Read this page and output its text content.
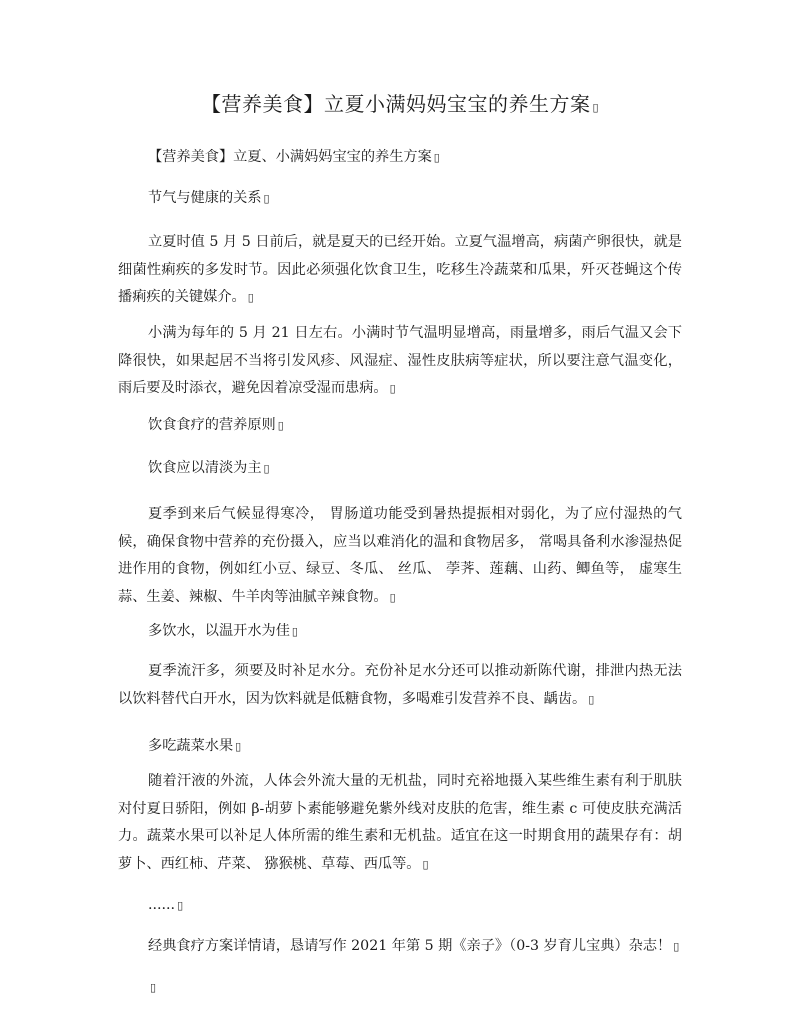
【营养美食】立夏小满妈妈宝宝的养生方案 ▯
【营养美食】立夏、小满妈妈宝宝的养生方案 ▯
节气与健康的关系 ▯
立夏时值 5 月 5 日前后，就是夏天的已经开始。立夏气温增高，病菌产卵很快，就是细菌性痢疾的多发时节。因此必须强化饮食卫生，吃移生冷蔬菜和瓜果，歼灭苍蝇这个传播痢疾的关键媒介。 ▯
小满为每年的 5 月 21 日左右。小满时节气温明显增高，雨量增多，雨后气温又会下降很快，如果起居不当将引发风疹、风湿症、湿性皮肤病等症状，所以要注意气温变化，雨后要及时添衣，避免因着凉受湿而患病。 ▯
饮食食疗的营养原则 ▯
饮食应以清淡为主 ▯
夏季到来后气候显得寒冷， 胃肠道功能受到暑热提振相对弱化，为了应付湿热的气候，确保食物中营养的充份摄入，应当以难消化的温和食物居多， 常喝具备利水渗湿热促进作用的食物，例如红小豆、绿豆、冬瓜、 丝瓜、 荸荠、莲藕、山药、鲫鱼等， 虚寒生蒜、生姜、辣椒、牛羊肉等油腻辛辣食物。 ▯
多饮水，以温开水为佳 ▯
夏季流汗多，须要及时补足水分。充份补足水分还可以推动新陈代谢，排泄内热无法以饮料替代白开水，因为饮料就是低糖食物，多喝难引发营养不良、龋齿。 ▯
多吃蔬菜水果 ▯
随着汗液的外流，人体会外流大量的无机盐，同时充裕地摄入某些维生素有利于肌肤对付夏日骄阳，例如 β-胡萝卜素能够避免紫外线对皮肤的危害，维生素 c 可使皮肤充满活力。蔬菜水果可以补足人体所需的维生素和无机盐。适宜在这一时期食用的蔬果存有：胡萝卜、西红柿、芹菜、 猕猴桃、草莓、西瓜等。 ▯
...... ▯
经典食疗方案详情请，恳请写作 2021 年第 5 期《亲子》（0-3 岁育儿宝典）杂志！ ▯
▯
